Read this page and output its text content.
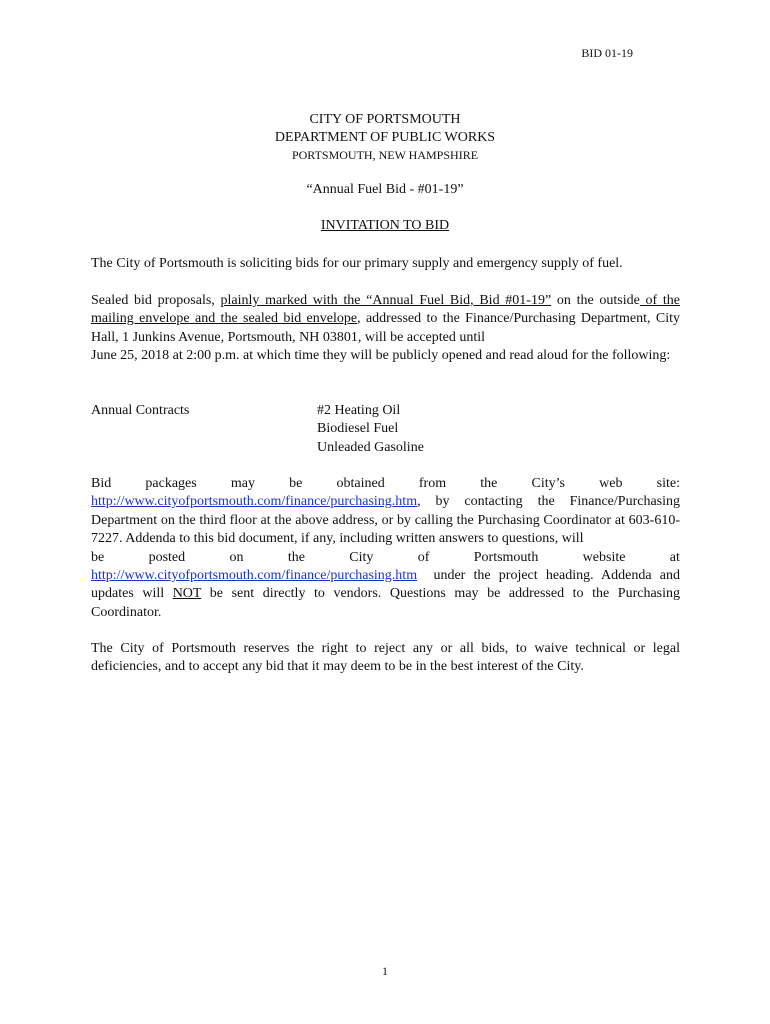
BID 01-19
CITY OF PORTSMOUTH
DEPARTMENT OF PUBLIC WORKS
PORTSMOUTH, NEW HAMPSHIRE
“Annual Fuel Bid - #01-19”
INVITATION TO BID
The City of Portsmouth is soliciting bids for our primary supply and emergency supply of fuel.
Sealed bid proposals, plainly marked with the “Annual Fuel Bid, Bid #01-19” on the outside of the mailing envelope and the sealed bid envelope, addressed to the Finance/Purchasing Department, City Hall, 1 Junkins Avenue, Portsmouth, NH 03801, will be accepted until
June 25, 2018 at 2:00 p.m. at which time they will be publicly opened and read aloud for the following:
Annual Contracts	#2 Heating Oil
Biodiesel Fuel
Unleaded Gasoline
Bid packages may be obtained from the City’s web site:
http://www.cityofportsmouth.com/finance/purchasing.htm, by contacting the Finance/Purchasing Department on the third floor at the above address, or by calling the Purchasing Coordinator at 603-610-7227. Addenda to this bid document, if any, including written answers to questions, will
be	posted	on	the	City	of	Portsmouth	website	at
http://www.cityofportsmouth.com/finance/purchasing.htm  under the project heading. Addenda and updates will NOT be sent directly to vendors. Questions may be addressed to the Purchasing Coordinator.
The City of Portsmouth reserves the right to reject any or all bids, to waive technical or legal deficiencies, and to accept any bid that it may deem to be in the best interest of the City.
1
